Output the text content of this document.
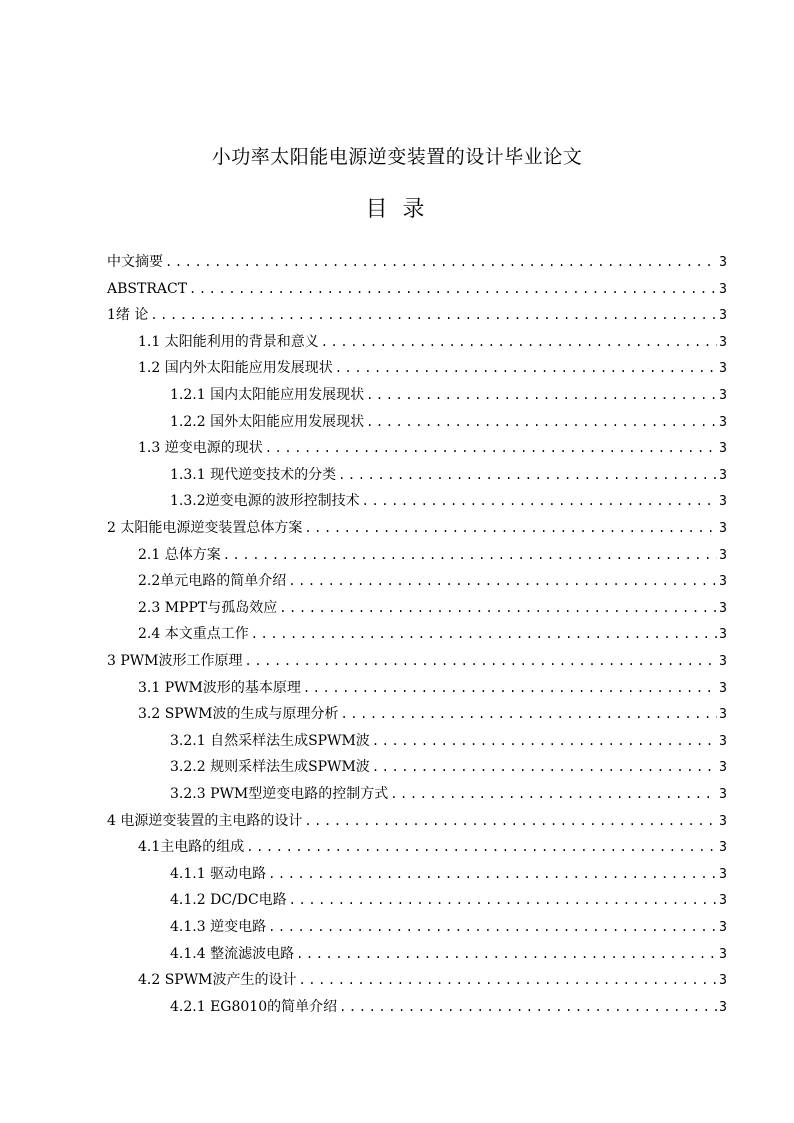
小功率太阳能电源逆变装置的设计毕业论文
目 录
中文摘要 .....	3
ABSTRACT .....	3
1绪 论 .....	3
1.1 太阳能利用的背景和意义 .....	3
1.2 国内外太阳能应用发展现状 .....	3
1.2.1 国内太阳能应用发展现状 .....	3
1.2.2 国外太阳能应用发展现状 .....	3
1.3 逆变电源的现状 .....	3
1.3.1 现代逆变技术的分类 .....	3
1.3.2逆变电源的波形控制技术 .....	3
2 太阳能电源逆变装置总体方案 .....	3
2.1 总体方案 .....	3
2.2单元电路的简单介绍 .....	3
2.3 MPPT与孤岛效应 .....	3
2.4 本文重点工作 .....	3
3 PWM波形工作原理 .....	3
3.1 PWM波形的基本原理 .....	3
3.2 SPWM波的生成与原理分析 .....	3
3.2.1 自然采样法生成SPWM波 .....	3
3.2.2 规则采样法生成SPWM波 .....	3
3.2.3 PWM型逆变电路的控制方式 .....	3
4 电源逆变装置的主电路的设计 .....	3
4.1主电路的组成 .....	3
4.1.1 驱动电路 .....	3
4.1.2 DC/DC电路 .....	3
4.1.3 逆变电路 .....	3
4.1.4 整流滤波电路 .....	3
4.2 SPWM波产生的设计 .....	3
4.2.1 EG8010的简单介绍 .....	3
